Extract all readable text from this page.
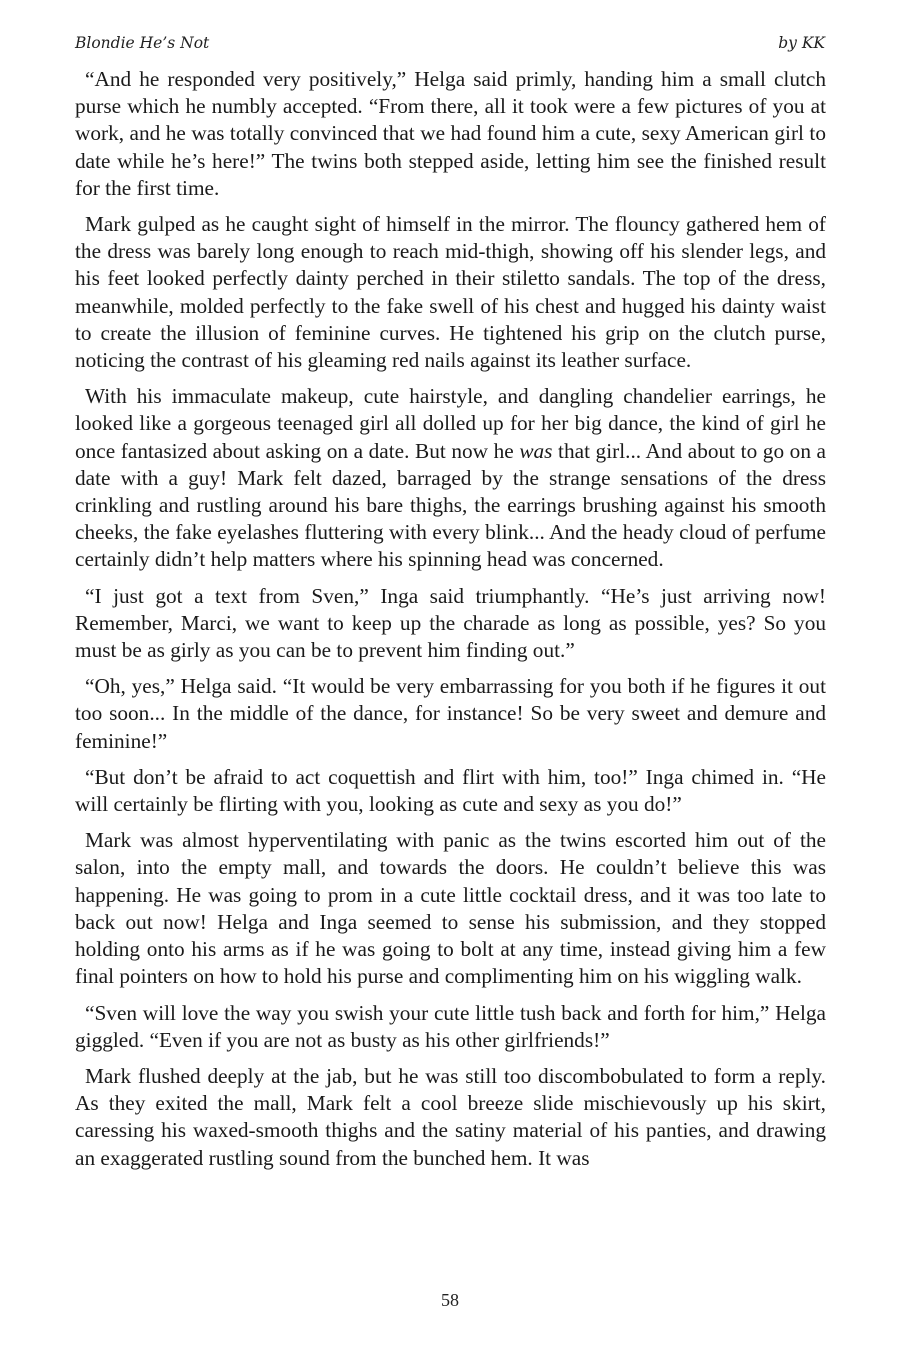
Blondie He’s Not	by KK

“And he responded very positively,” Helga said primly, handing him a small clutch purse which he numbly accepted. “From there, all it took were a few pictures of you at work, and he was totally convinced that we had found him a cute, sexy American girl to date while he’s here!” The twins both stepped aside, letting him see the finished result for the first time.

Mark gulped as he caught sight of himself in the mirror. The flouncy gathered hem of the dress was barely long enough to reach mid-thigh, showing off his slender legs, and his feet looked perfectly dainty perched in their stiletto sandals. The top of the dress, meanwhile, molded perfectly to the fake swell of his chest and hugged his dainty waist to create the illusion of feminine curves. He tightened his grip on the clutch purse, noticing the contrast of his gleaming red nails against its leather surface.

With his immaculate makeup, cute hairstyle, and dangling chandelier earrings, he looked like a gorgeous teenaged girl all dolled up for her big dance, the kind of girl he once fantasized about asking on a date. But now he was that girl... And about to go on a date with a guy! Mark felt dazed, barraged by the strange sensations of the dress crinkling and rustling around his bare thighs, the earrings brushing against his smooth cheeks, the fake eyelashes fluttering with every blink... And the heady cloud of perfume certainly didn’t help matters where his spinning head was concerned.

“I just got a text from Sven,” Inga said triumphantly. “He’s just arriving now! Remember, Marci, we want to keep up the charade as long as possible, yes? So you must be as girly as you can be to prevent him finding out.”

“Oh, yes,” Helga said. “It would be very embarrassing for you both if he figures it out too soon... In the middle of the dance, for instance! So be very sweet and demure and feminine!”

“But don’t be afraid to act coquettish and flirt with him, too!” Inga chimed in. “He will certainly be flirting with you, looking as cute and sexy as you do!”

Mark was almost hyperventilating with panic as the twins escorted him out of the salon, into the empty mall, and towards the doors. He couldn’t believe this was happening. He was going to prom in a cute little cocktail dress, and it was too late to back out now! Helga and Inga seemed to sense his submission, and they stopped holding onto his arms as if he was going to bolt at any time, instead giving him a few final pointers on how to hold his purse and complimenting him on his wiggling walk.

“Sven will love the way you swish your cute little tush back and forth for him,” Helga giggled. “Even if you are not as busty as his other girlfriends!”

Mark flushed deeply at the jab, but he was still too discombobulated to form a reply. As they exited the mall, Mark felt a cool breeze slide mischievously up his skirt, caressing his waxed-smooth thighs and the satiny material of his panties, and drawing an exaggerated rustling sound from the bunched hem. It was

58
